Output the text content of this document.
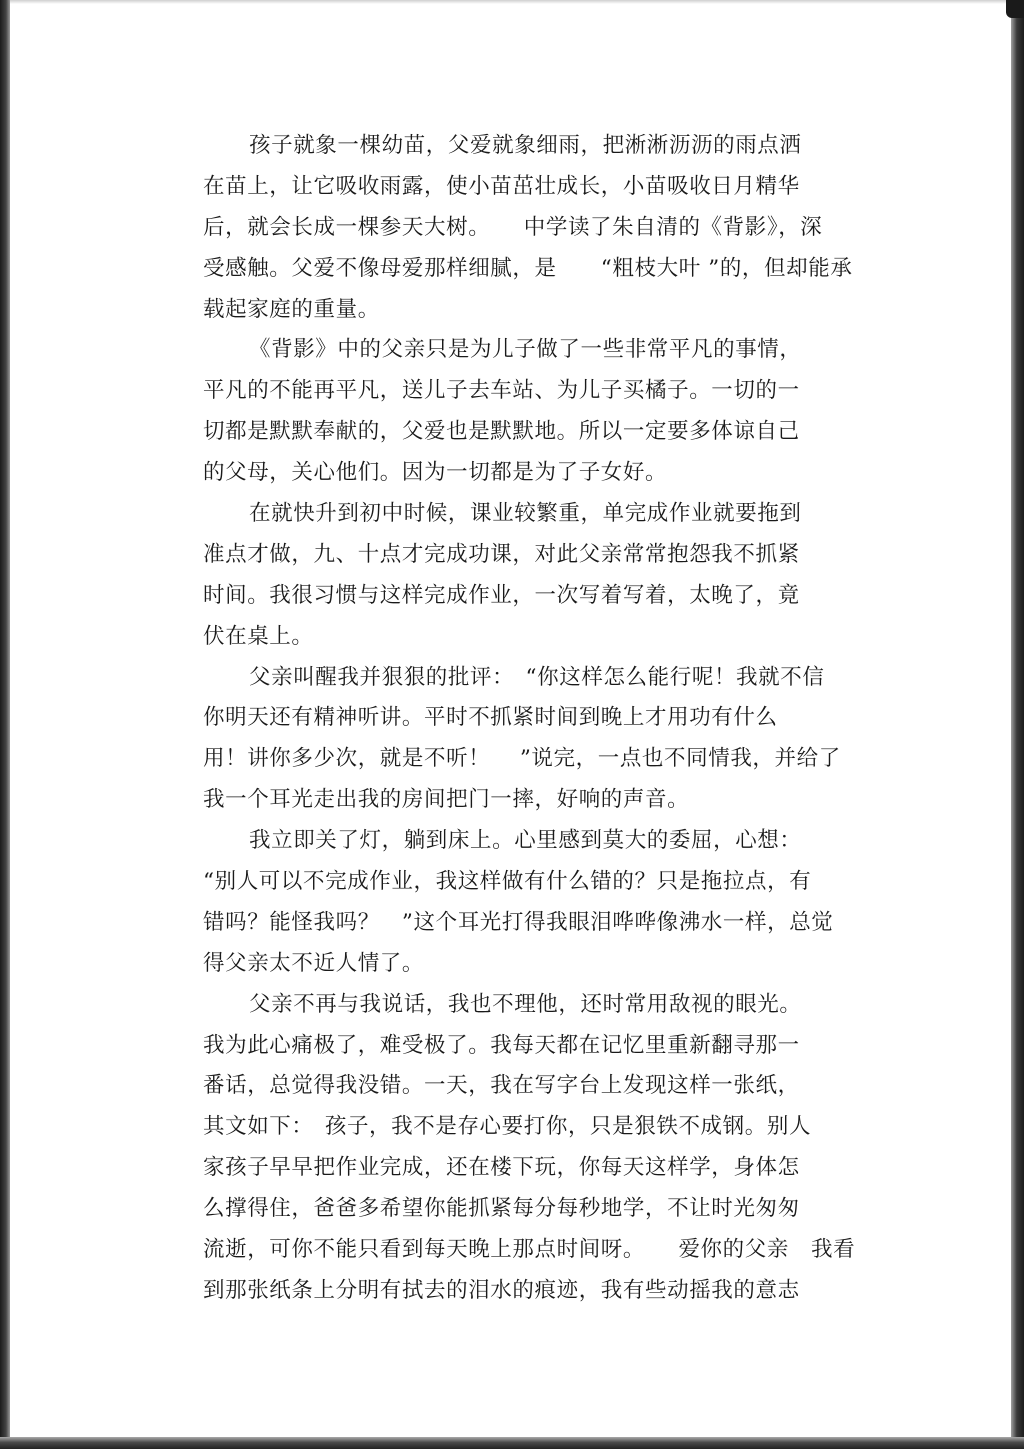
孩子就象一棵幼苗，父爱就象细雨，把淅淅沥沥的雨点洒
在苗上，让它吸收雨露，使小苗茁壮成长，小苗吸收日月精华
后，就会长成一棵参天大树。　　中学读了朱自清的《背影》，深
受感触。父爱不像母爱那样细腻，是　　“粗枝大叶 ”的，但却能承
载起家庭的重量。
《背影》中的父亲只是为儿子做了一些非常平凡的事情，
平凡的不能再平凡，送儿子去车站、为儿子买橘子。一切的一
切都是默默奉献的，父爱也是默默地。所以一定要多体谅自己
的父母，关心他们。因为一切都是为了子女好。
在就快升到初中时候，课业较繁重，单完成作业就要拖到
准点才做，九、十点才完成功课，对此父亲常常抱怨我不抓紧
时间。我很习惯与这样完成作业，一次写着写着，太晚了，竟
伏在桌上。
父亲叫醒我并狠狠的批评：　“你这样怎么能行呢！我就不信
你明天还有精神听讲。平时不抓紧时间到晚上才用功有什么
用！讲你多少次，就是不听！　 ”说完，一点也不同情我，并给了
我一个耳光走出我的房间把门一摔，好响的声音。
我立即关了灯，躺到床上。心里感到莫大的委屈，心想：
“别人可以不完成作业，我这样做有什么错的？只是拖拉点，有
错吗？能怪我吗？　”这个耳光打得我眼泪哗哗像沸水一样，总觉
得父亲太不近人情了。
父亲不再与我说话，我也不理他，还时常用敌视的眼光。
我为此心痛极了，难受极了。我每天都在记忆里重新翻寻那一
番话，总觉得我没错。一天，我在写字台上发现这样一张纸，
其文如下：　孩子，我不是存心要打你，只是狠铁不成钢。别人
家孩子早早把作业完成，还在楼下玩，你每天这样学，身体怎
么撑得住，爸爸多希望你能抓紧每分每秒地学，不让时光匆匆
流逝，可你不能只看到每天晚上那点时间呀。　　爱你的父亲　我看
到那张纸条上分明有拭去的泪水的痕迹，我有些动摇我的意志
